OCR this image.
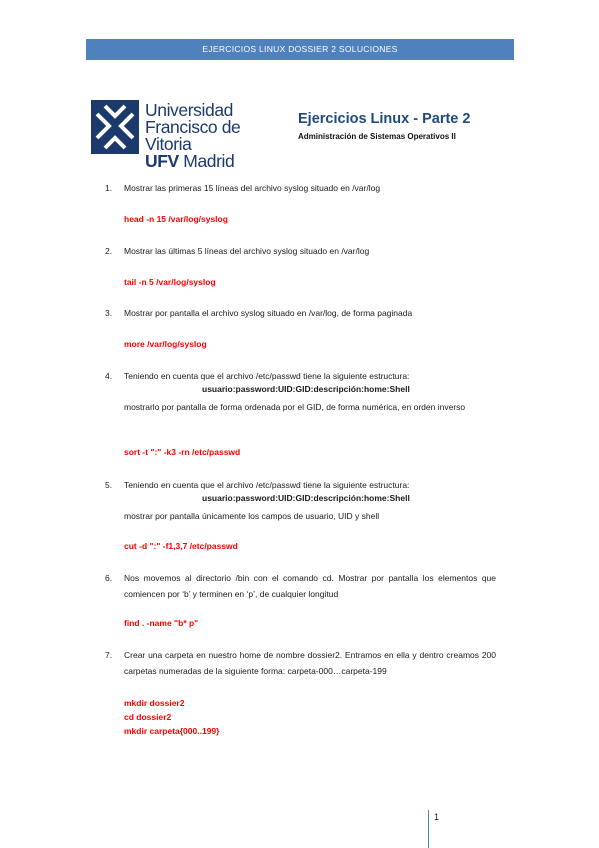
EJERCICIOS LINUX DOSSIER 2 SOLUCIONES
Universidad
Francisco de Vitoria
UFV Madrid
Ejercicios Linux - Parte 2
Administración de Sistemas Operativos II
1. Mostrar las primeras 15 líneas del archivo syslog situado en /var/log
head -n 15 /var/log/syslog
2. Mostrar las últimas 5 líneas del archivo syslog situado en /var/log
tail -n 5 /var/log/syslog
3. Mostrar por pantalla el archivo syslog situado en /var/log, de forma paginada
more /var/log/syslog
4. Teniendo en cuenta que el archivo /etc/passwd tiene la siguiente estructura:
usuario:password:UID:GID:descripción:home:Shell
mostrarlo por pantalla de forma ordenada por el GID, de forma numérica, en orden inverso
sort -t ":" -k3 -rn /etc/passwd
5. Teniendo en cuenta que el archivo /etc/passwd tiene la siguiente estructura:
usuario:password:UID:GID:descripción:home:Shell
mostrar por pantalla únicamente los campos de usuario, UID y shell
cut -d ":" -f1,3,7 /etc/passwd
6. Nos movemos al directorio /bin con el comando cd. Mostrar por pantalla los elementos que comiencen por ‘b’ y terminen en ‘p’, de cualquier longitud
find . -name "b* p"
7. Crear una carpeta en nuestro home de nombre dossier2. Entramos en ella y dentro creamos 200 carpetas numeradas de la siguiente forma: carpeta-000…carpeta-199
mkdir dossier2
cd dossier2
mkdir carpeta{000..199}
1
